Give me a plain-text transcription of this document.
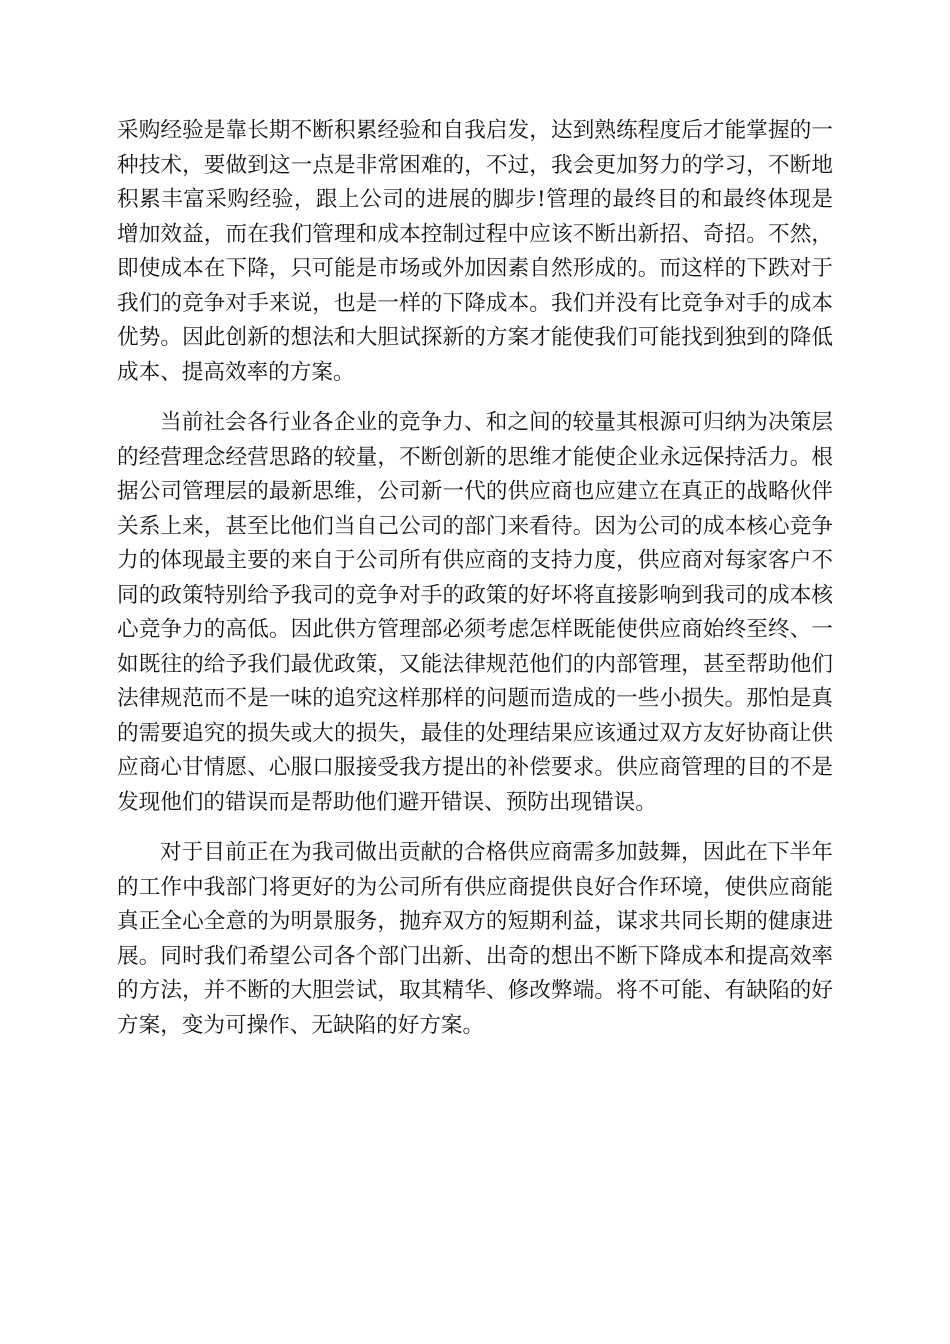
采购经验是靠长期不断积累经验和自我启发，达到熟练程度后才能掌握的一种技术，要做到这一点是非常困难的，不过，我会更加努力的学习，不断地积累丰富采购经验，跟上公司的进展的脚步!管理的最终目的和最终体现是增加效益，而在我们管理和成本控制过程中应该不断出新招、奇招。不然，即使成本在下降，只可能是市场或外加因素自然形成的。而这样的下跌对于我们的竞争对手来说，也是一样的下降成本。我们并没有比竞争对手的成本优势。因此创新的想法和大胆试探新的方案才能使我们可能找到独到的降低成本、提高效率的方案。

当前社会各行业各企业的竞争力、和之间的较量其根源可归纳为决策层的经营理念经营思路的较量，不断创新的思维才能使企业永远保持活力。根据公司管理层的最新思维，公司新一代的供应商也应建立在真正的战略伙伴关系上来，甚至比他们当自己公司的部门来看待。因为公司的成本核心竞争力的体现最主要的来自于公司所有供应商的支持力度，供应商对每家客户不同的政策特别给予我司的竞争对手的政策的好坏将直接影响到我司的成本核心竞争力的高低。因此供方管理部必须考虑怎样既能使供应商始终至终、一如既往的给予我们最优政策，又能法律规范他们的内部管理，甚至帮助他们法律规范而不是一味的追究这样那样的问题而造成的一些小损失。那怕是真的需要追究的损失或大的损失，最佳的处理结果应该通过双方友好协商让供应商心甘情愿、心服口服接受我方提出的补偿要求。供应商管理的目的不是发现他们的错误而是帮助他们避开错误、预防出现错误。

对于目前正在为我司做出贡献的合格供应商需多加鼓舞，因此在下半年的工作中我部门将更好的为公司所有供应商提供良好合作环境，使供应商能真正全心全意的为明景服务，抛弃双方的短期利益，谋求共同长期的健康进展。同时我们希望公司各个部门出新、出奇的想出不断下降成本和提高效率的方法，并不断的大胆尝试，取其精华、修改弊端。将不可能、有缺陷的好方案，变为可操作、无缺陷的好方案。
